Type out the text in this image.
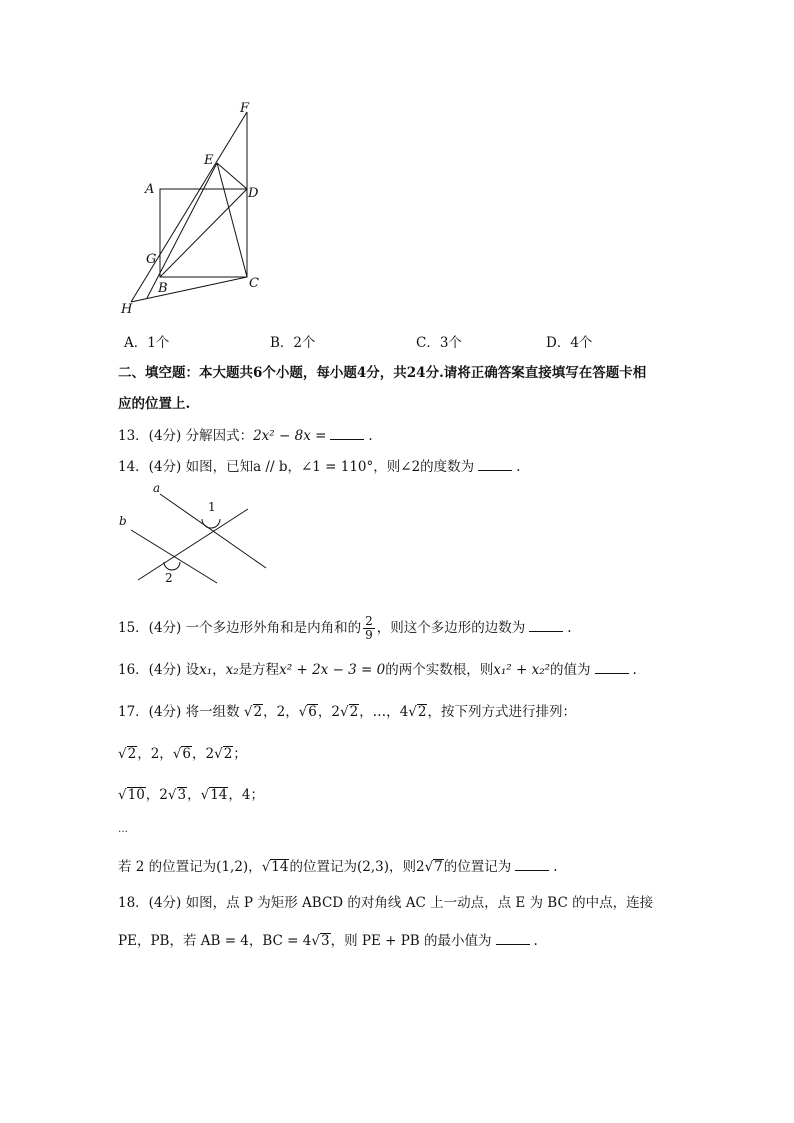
F
E
A	D
G
B	C
H
A．1个	B．2个	C．3个	D．4个
二、填空题：本大题共6个小题，每小题4分，共24分.请将正确答案直接填写在答题卡相
应的位置上.
13．(4分) 分解因式：2x² − 8x =	.
14．(4分) 如图，已知a // b，∠1 = 110°，则∠2的度数为	.
a
b
1
2
15．(4分) 一个多边形外角和是内角和的 $\frac{2}{9}$ ，则这个多边形的边数为	.
16．(4分) 设x₁，x₂是方程x² + 2x − 3 = 0的两个实数根，则x₁² + x₂²的值为	.
17．(4分) 将一组数 √2，2，√6，2√2，…，4√2，按下列方式进行排列：
√2，2，√6，2√2；
√10，2√3，√14，4；
…
若 2 的位置记为(1,2)，√14的位置记为(2,3)，则2√7的位置记为	.
18．(4分) 如图，点 P 为矩形 ABCD 的对角线 AC 上一动点，点 E 为 BC 的中点，连接
PE，PB，若 AB = 4，BC = 4√3，则 PE + PB 的最小值为	.
